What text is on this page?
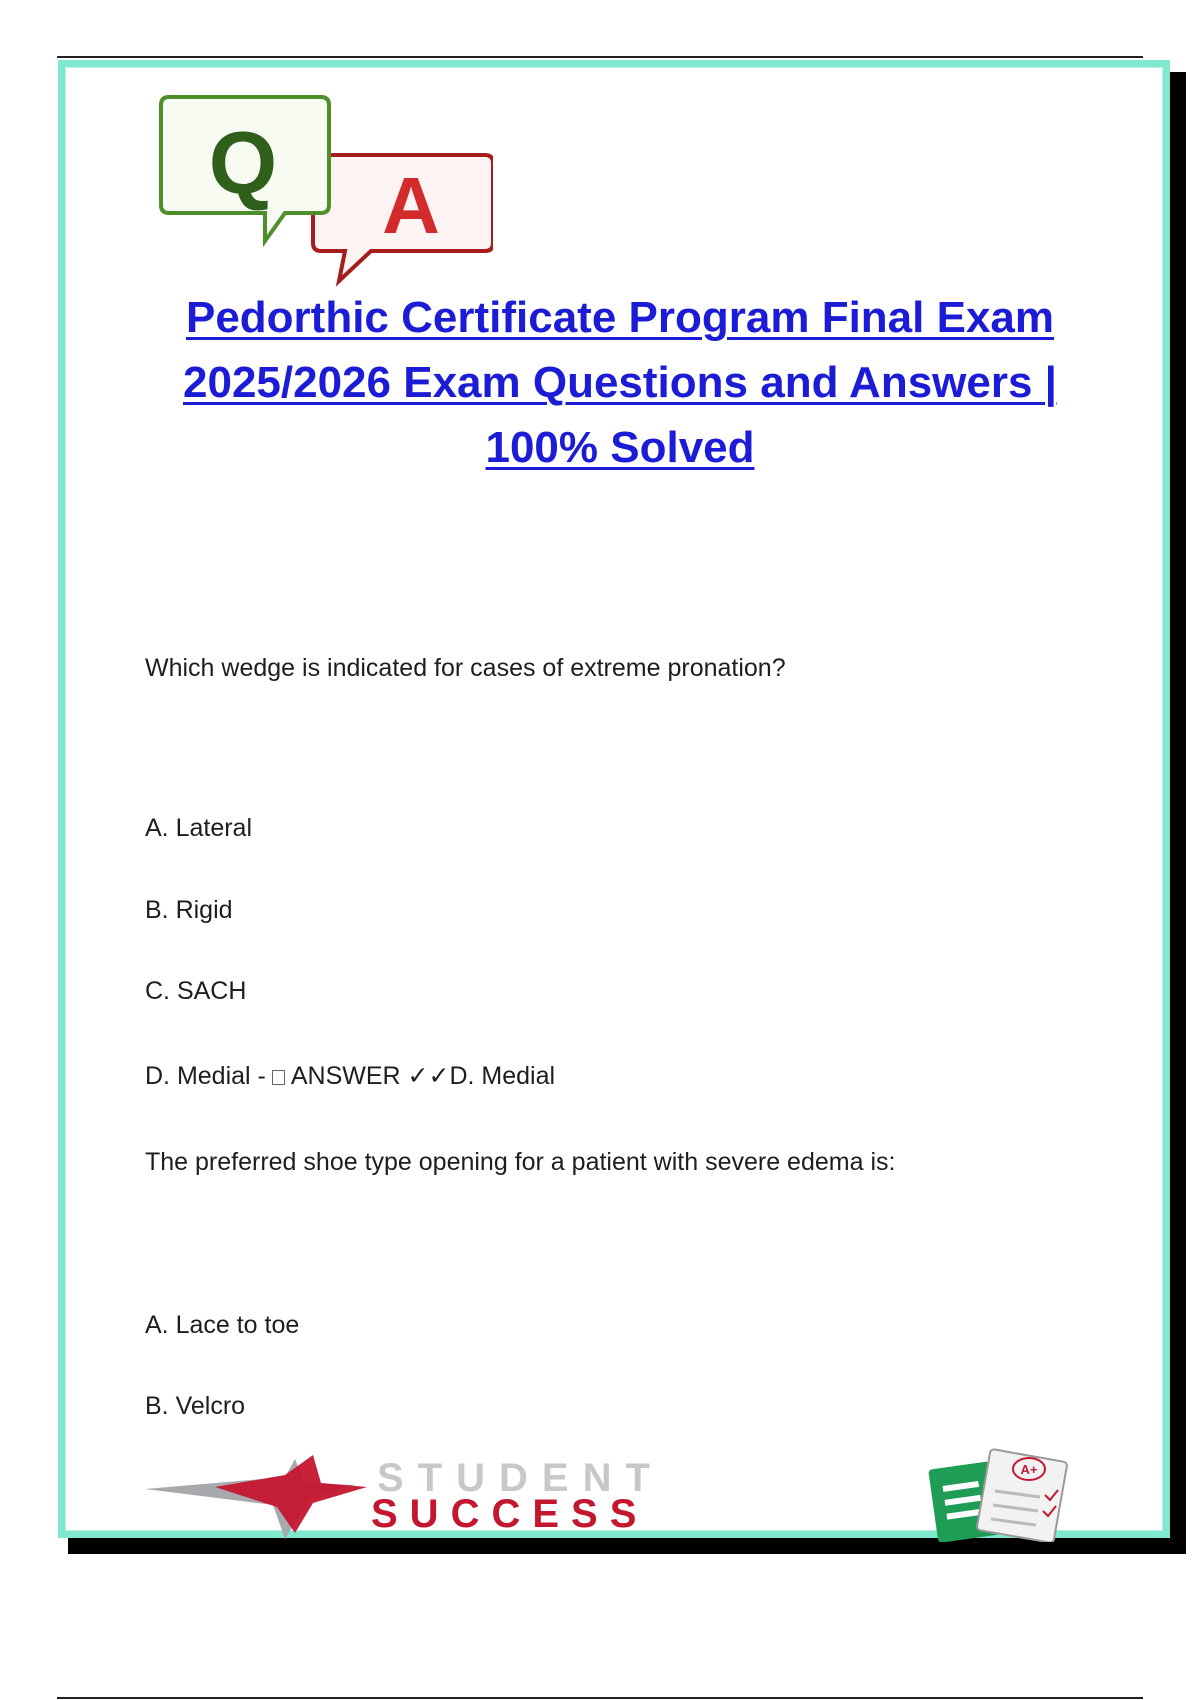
A
Q
Pedorthic Certificate Program Final Exam 2025/2026 Exam Questions and Answers | 100% Solved

Which wedge is indicated for cases of extreme pronation?

A. Lateral

B. Rigid

C. SACH

D. Medial - ANSWER ✓✓D. Medial

The preferred shoe type opening for a patient with severe edema is:

A. Lace to toe

B. Velcro

STUDENT
SUCCESS
A+
